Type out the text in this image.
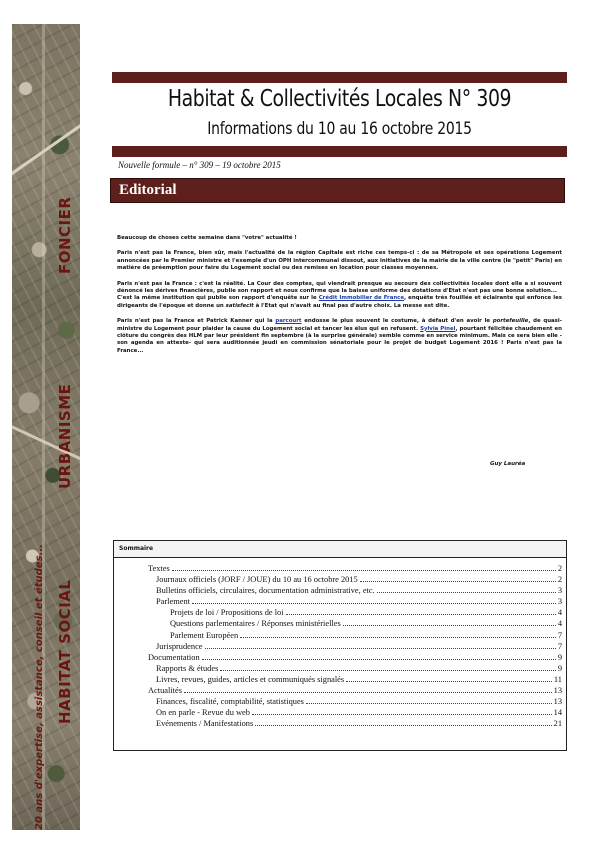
FONCIER
URBANISME
HABITAT SOCIAL
20 ans d'expertise, assistance, conseil et études...
Habitat & Collectivités Locales N° 309
Informations du 10 au 16 octobre 2015
Nouvelle formule – n° 309 – 19 octobre 2015
Editorial

Beaucoup de choses cette semaine dans "votre" actualité !

Paris n'est pas la France, bien sûr, mais l'actualité de la région Capitale est riche ces temps-ci : de sa Métropole et ses opérations Logement annoncées par le Premier ministre et l'exemple d'un OPH intercommunal dissout, aux initiatives de la mairie de la ville centre (le "petit" Paris) en matière de préemption pour faire du Logement social ou des remises en location pour classes moyennes.

Paris n'est pas la France : c'est la réalité. La Cour des comptes, qui viendrait presque au secours des collectivités locales dont elle a si souvent dénoncé les dérives financières, publie son rapport et nous confirme que la baisse uniforme des dotations d'Etat n'est pas une bonne solution...

C'est la même institution qui publie son rapport d'enquête sur le Crédit Immobilier de France, enquête très fouillée et éclairante qui enfonce les dirigeants de l'époque et donne un satisfecit à l'Etat qui n'avait au final pas d'autre choix. La messe est dite.

Paris n'est pas la France et Patrick Kanner qui la parcourt endosse le plus souvent le costume, à défaut d'en avoir le portefeuille, de quasi-ministre du Logement pour plaider la cause du Logement social et tancer les élus qui en refusent. Sylvia Pinel, pourtant félicitée chaudement en clôture du congrès des HLM par leur président fin septembre (à la surprise générale) semble comme en service minimum. Mais ce sera bien elle - son agenda en atteste- qui sera auditionnée jeudi en commission sénatoriale pour le projet de budget Logement 2016 ! Paris n'est pas la France...

Guy Lauréa
Sommaire
Textes	2
Journaux officiels (JORF / JOUE) du 10 au 16 octobre 2015	2
Bulletins officiels, circulaires, documentation administrative, etc.	3
Parlement	3
Projets de loi / Propositions de loi	4
Questions parlementaires / Réponses ministérielles	4
Parlement Européen	7
Jurisprudence	7
Documentation	9
Rapports & études	9
Livres, revues, guides, articles et communiqués signalés	11
Actualités	13
Finances, fiscalité, comptabilité, statistiques	13
On en parle - Revue du web	14
Evénements / Manifestations	21
